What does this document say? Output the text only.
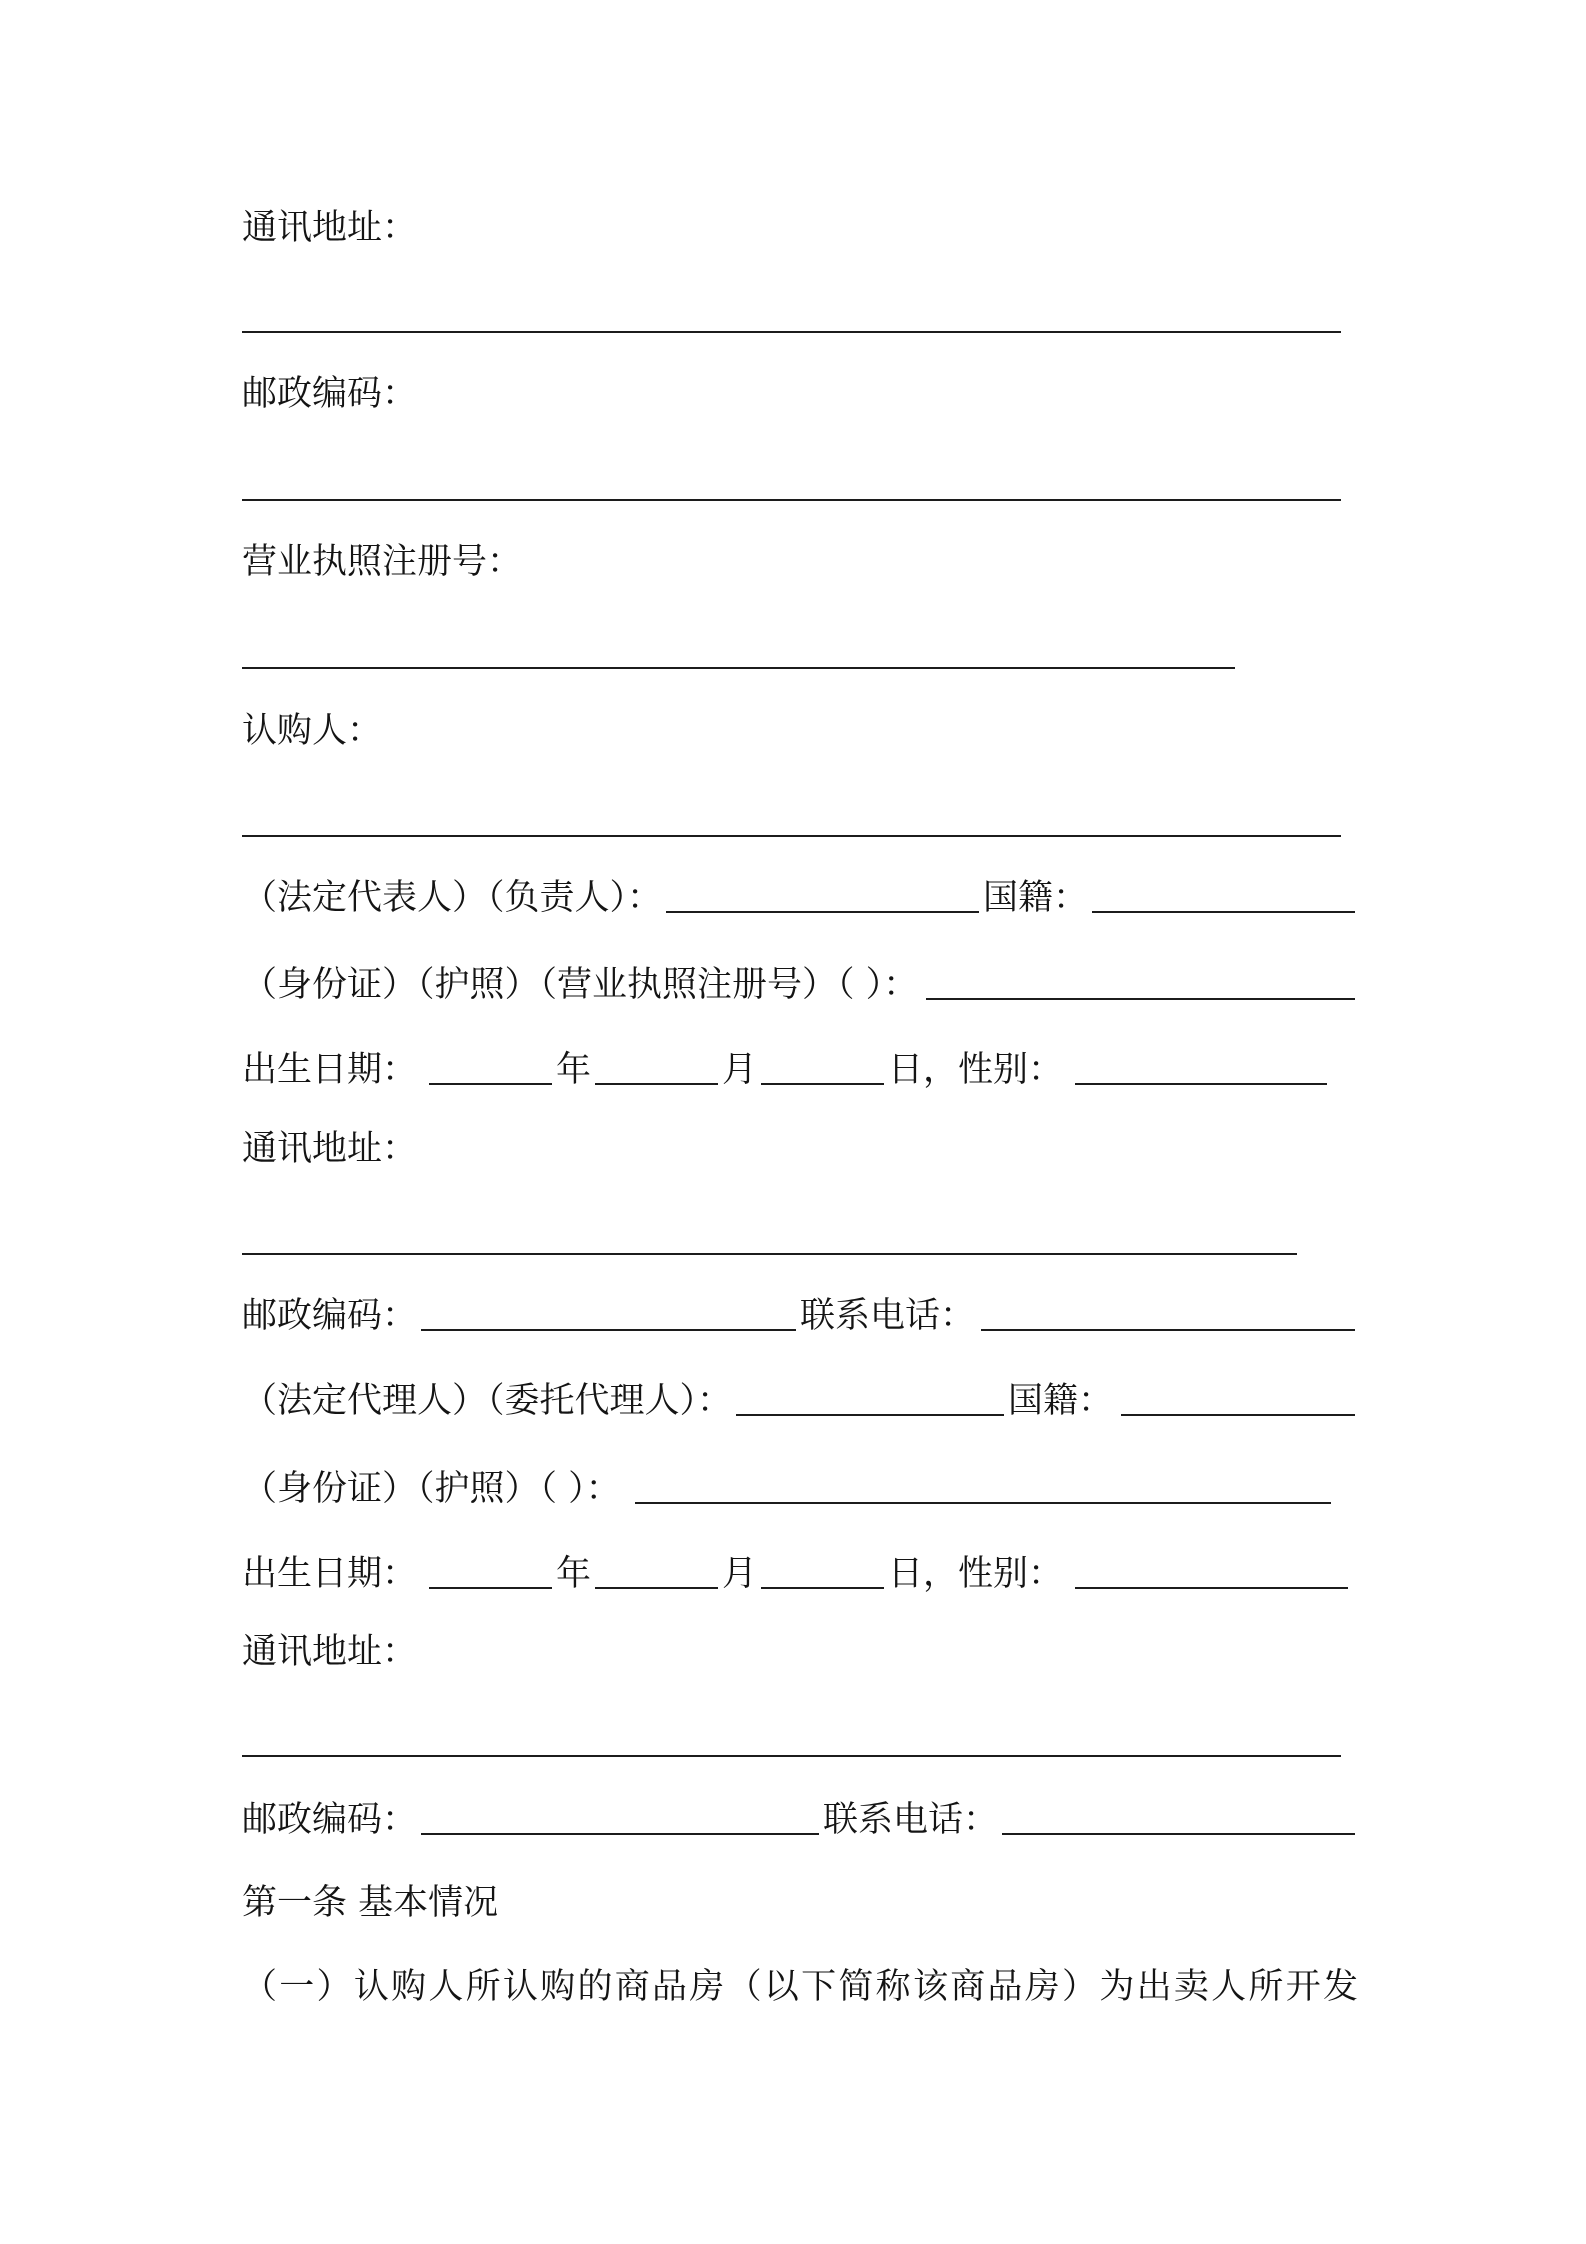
通讯地址：
邮政编码：
营业执照注册号：
认购人：
（法定代表人）（负责人）：	国籍：
（身份证）（护照）（营业执照注册号）（ ）：
出生日期：	年	月	日，性别：
通讯地址：
邮政编码：	联系电话：
（法定代理人）（委托代理人）：	国籍：
（身份证）（护照）（ ）：
出生日期：	年	月	日，性别：
通讯地址：
邮政编码：	联系电话：
第一条 基本情况
（一）认购人所认购的商品房（以下简称该商品房）为出卖人所开发
